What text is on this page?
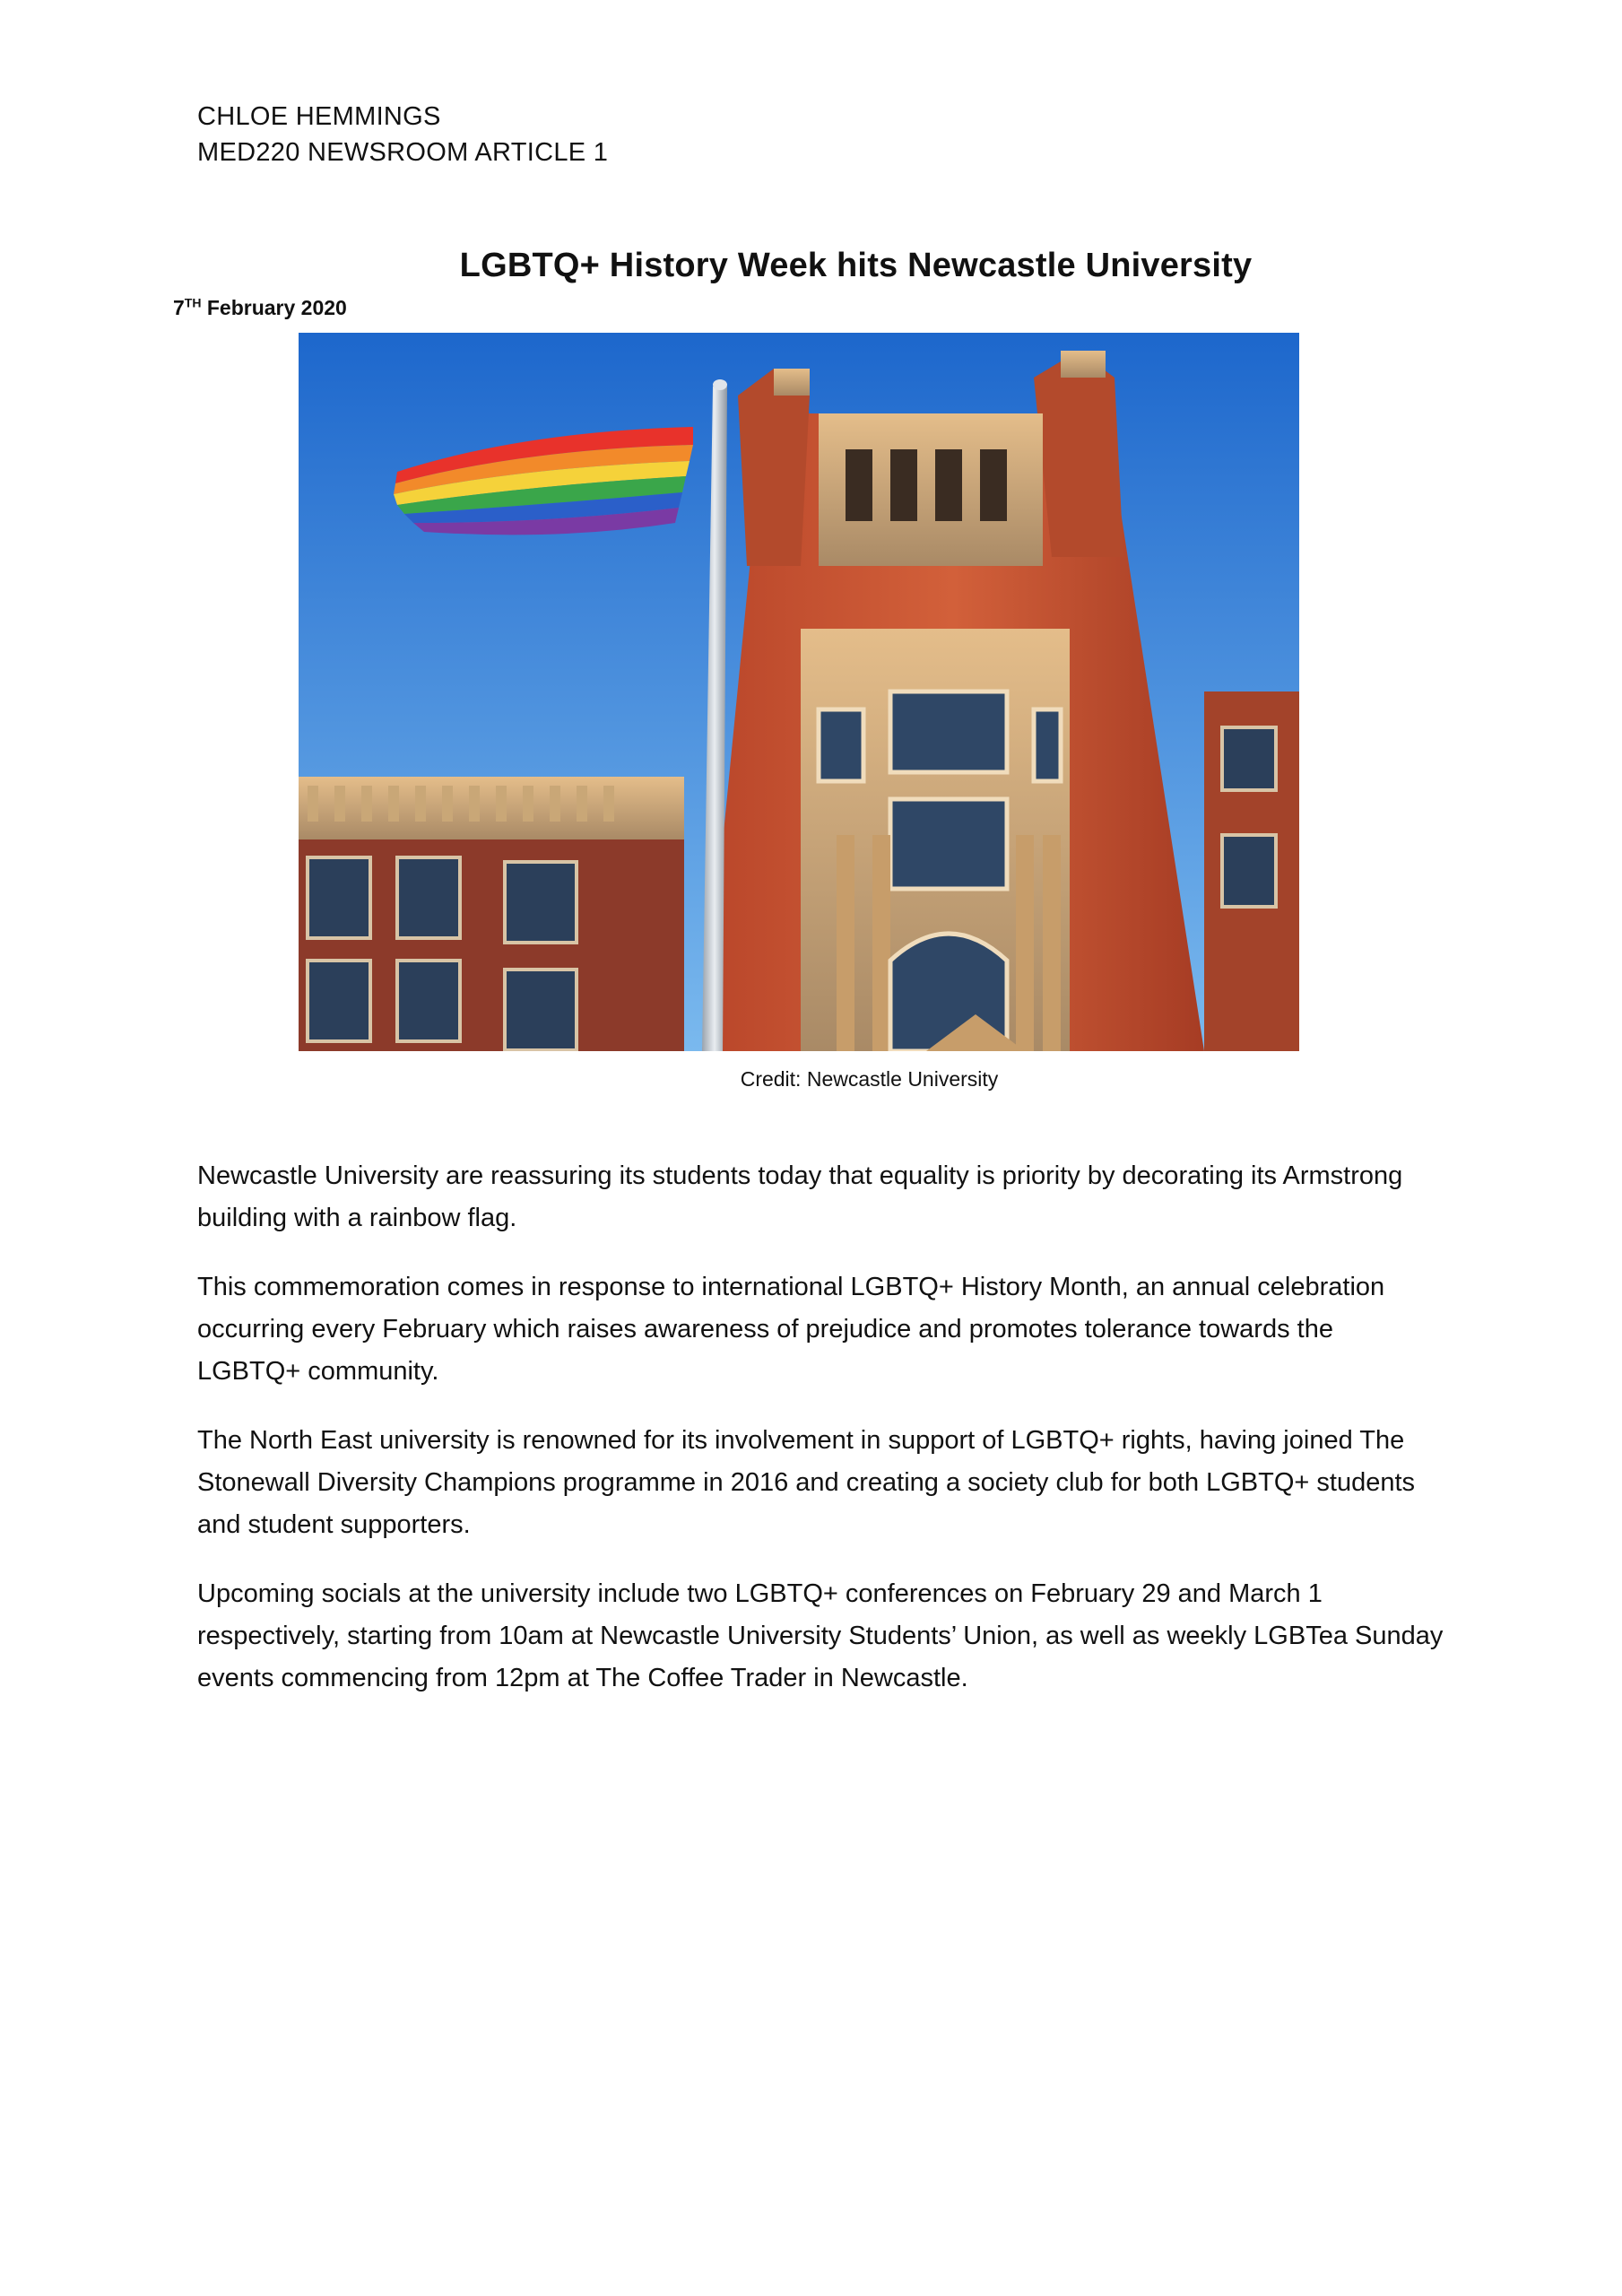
CHLOE HEMMINGS
MED220 NEWSROOM ARTICLE 1
LGBTQ+ History Week hits Newcastle University
7TH February 2020
Credit: Newcastle University

Newcastle University are reassuring its students today that equality is priority by decorating its Armstrong building with a rainbow flag.

This commemoration comes in response to international LGBTQ+ History Month, an annual celebration occurring every February which raises awareness of prejudice and promotes tolerance towards the LGBTQ+ community.

The North East university is renowned for its involvement in support of LGBTQ+ rights, having joined The Stonewall Diversity Champions programme in 2016 and creating a society club for both LGBTQ+ students and student supporters.

Upcoming socials at the university include two LGBTQ+ conferences on February 29 and March 1 respectively, starting from 10am at Newcastle University Students’ Union, as well as weekly LGBTea Sunday events commencing from 12pm at The Coffee Trader in Newcastle.
